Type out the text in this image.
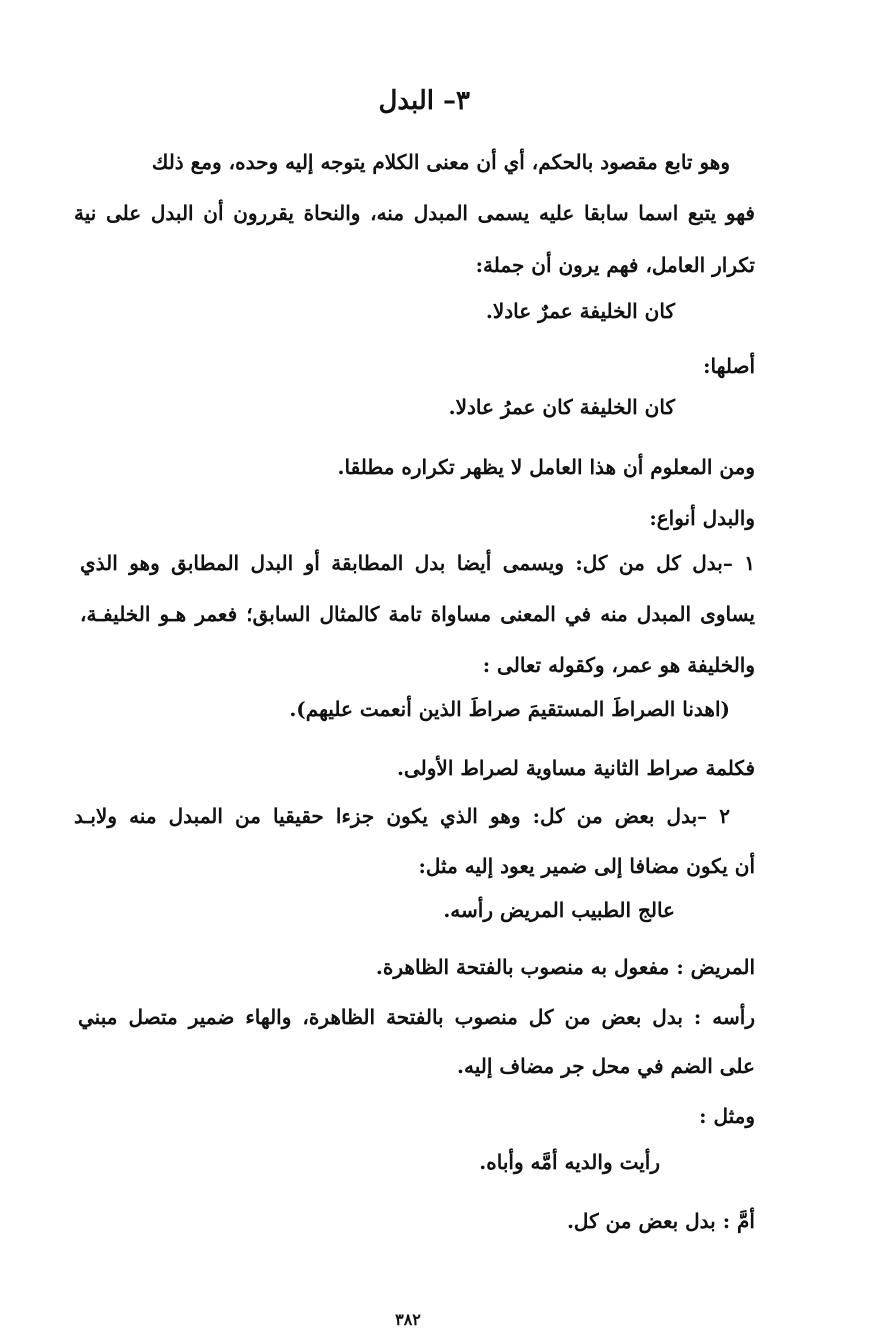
٣– البدل
وهو تابع مقصود بالحكم، أي أن معنى الكلام يتوجه إليه وحده، ومع ذلك
فهو يتبع اسما سابقا عليه يسمى المبدل منه، والنحاة يقررون أن البدل على نية
تكرار العامل، فهم يرون أن جملة:
كان الخليفة عمرٌ عادلا.
أصلها:
كان الخليفة كان عمرُ عادلا.
ومن المعلوم أن هذا العامل لا يظهر تكراره مطلقا.
والبدل أنواع:
١ –بدل كل من كل: ويسمى أيضا بدل المطابقة أو البدل المطابق وهو الذي
يساوى المبدل منه في المعنى مساواة تامة كالمثال السابق؛ فعمر هـو الخليفـة،
والخليفة هو عمر، وكقوله تعالى :
(اهدنا الصراطَ المستقيمَ صراطَ الذين أنعمت عليهم).
فكلمة صراط الثانية مساوية لصراط الأولى.
٢ –بدل بعض من كل: وهو الذي يكون جزءا حقيقيا من المبدل منه ولابـد
أن يكون مضافا إلى ضمير يعود إليه مثل:
عالج الطبيب المريض رأسه.
المريض : مفعول به منصوب بالفتحة الظاهرة.
رأسه : بدل بعض من كل منصوب بالفتحة الظاهرة، والهاء ضمير متصل مبني
على الضم في محل جر مضاف إليه.
ومثل :
رأيت والديه أمَّه وأباه.
أمَّ : بدل بعض من كل.
٣٨٢
